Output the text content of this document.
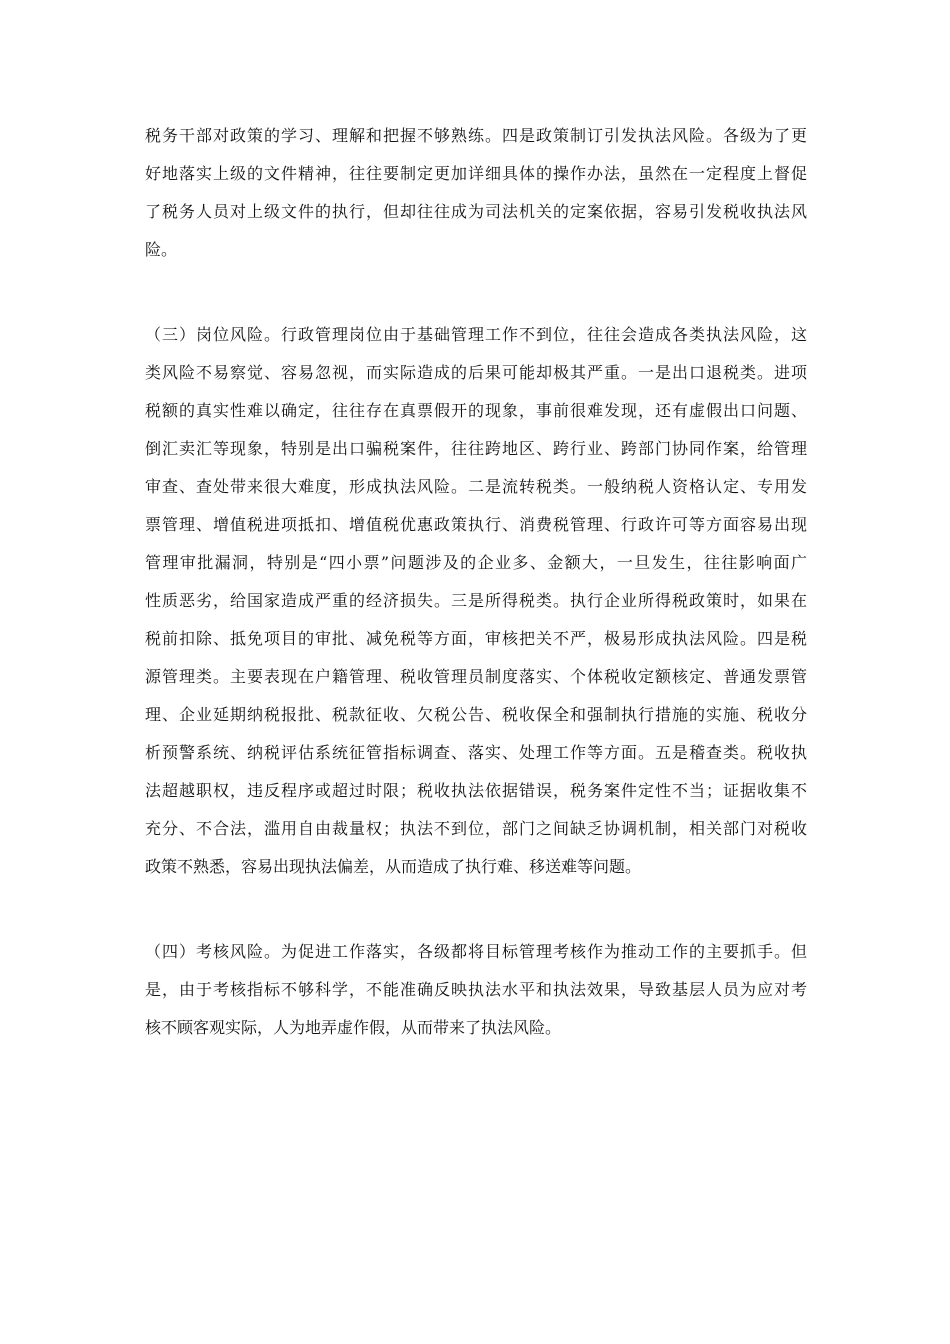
税务干部对政策的学习、理解和把握不够熟练。四是政策制订引发执法风险。各级为了更
好地落实上级的文件精神，往往要制定更加详细具体的操作办法，虽然在一定程度上督促
了税务人员对上级文件的执行，但却往往成为司法机关的定案依据，容易引发税收执法风
险。
（三）岗位风险。行政管理岗位由于基础管理工作不到位，往往会造成各类执法风险，这
类风险不易察觉、容易忽视，而实际造成的后果可能却极其严重。一是出口退税类。进项
税额的真实性难以确定，往往存在真票假开的现象，事前很难发现，还有虚假出口问题、
倒汇卖汇等现象，特别是出口骗税案件，往往跨地区、跨行业、跨部门协同作案，给管理
审查、查处带来很大难度，形成执法风险。二是流转税类。一般纳税人资格认定、专用发
票管理、增值税进项抵扣、增值税优惠政策执行、消费税管理、行政许可等方面容易出现
管理审批漏洞，特别是“四小票”问题涉及的企业多、金额大，一旦发生，往往影响面广
性质恶劣，给国家造成严重的经济损失。三是所得税类。执行企业所得税政策时，如果在
税前扣除、抵免项目的审批、减免税等方面，审核把关不严，极易形成执法风险。四是税
源管理类。主要表现在户籍管理、税收管理员制度落实、个体税收定额核定、普通发票管
理、企业延期纳税报批、税款征收、欠税公告、税收保全和强制执行措施的实施、税收分
析预警系统、纳税评估系统征管指标调查、落实、处理工作等方面。五是稽查类。税收执
法超越职权，违反程序或超过时限；税收执法依据错误，税务案件定性不当；证据收集不
充分、不合法，滥用自由裁量权；执法不到位，部门之间缺乏协调机制，相关部门对税收
政策不熟悉，容易出现执法偏差，从而造成了执行难、移送难等问题。
（四）考核风险。为促进工作落实，各级都将目标管理考核作为推动工作的主要抓手。但
是，由于考核指标不够科学，不能准确反映执法水平和执法效果，导致基层人员为应对考
核不顾客观实际，人为地弄虚作假，从而带来了执法风险。
